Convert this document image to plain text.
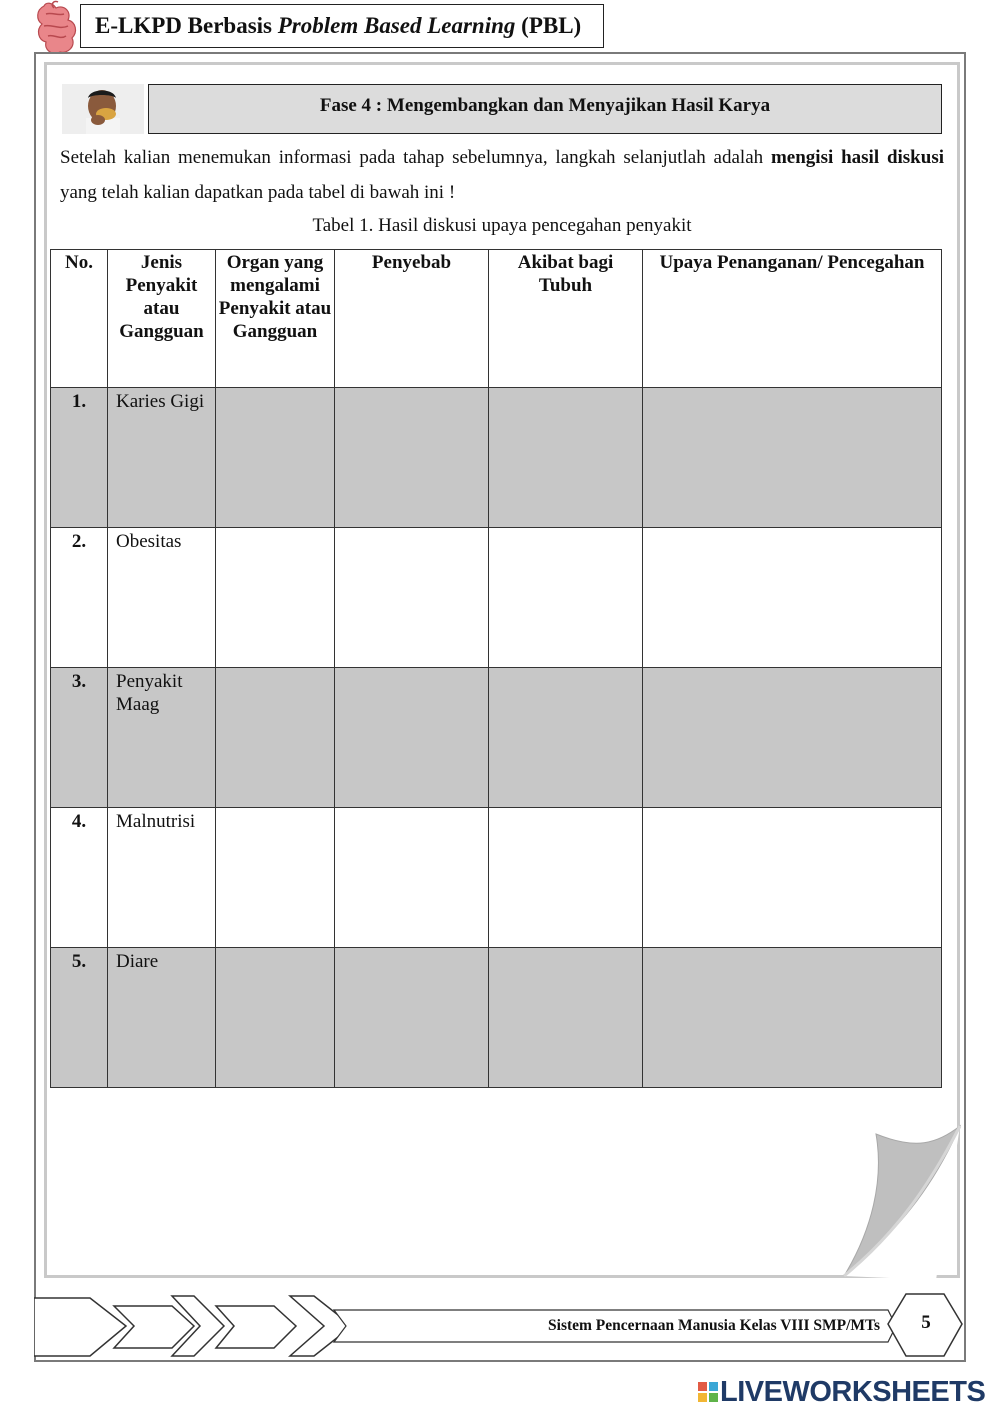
E-LKPD Berbasis Problem Based Learning (PBL)
Fase 4 : Mengembangkan dan Menyajikan Hasil Karya

Setelah kalian menemukan informasi pada tahap sebelumnya, langkah selanjutlah adalah mengisi hasil diskusi yang telah kalian dapatkan pada tabel di bawah ini !

Tabel 1. Hasil diskusi upaya pencegahan penyakit
No.	Jenis Penyakit atau Gangguan	Organ yang mengalami Penyakit atau Gangguan	Penyebab	Akibat bagi Tubuh	Upaya Penanganan/ Pencegahan
1.	Karies Gigi				
2.	Obesitas				
3.	Penyakit Maag				
4.	Malnutrisi				
5.	Diare				
Sistem Pencernaan Manusia Kelas VIII SMP/MTs	5
LIVEWORKSHEETS
